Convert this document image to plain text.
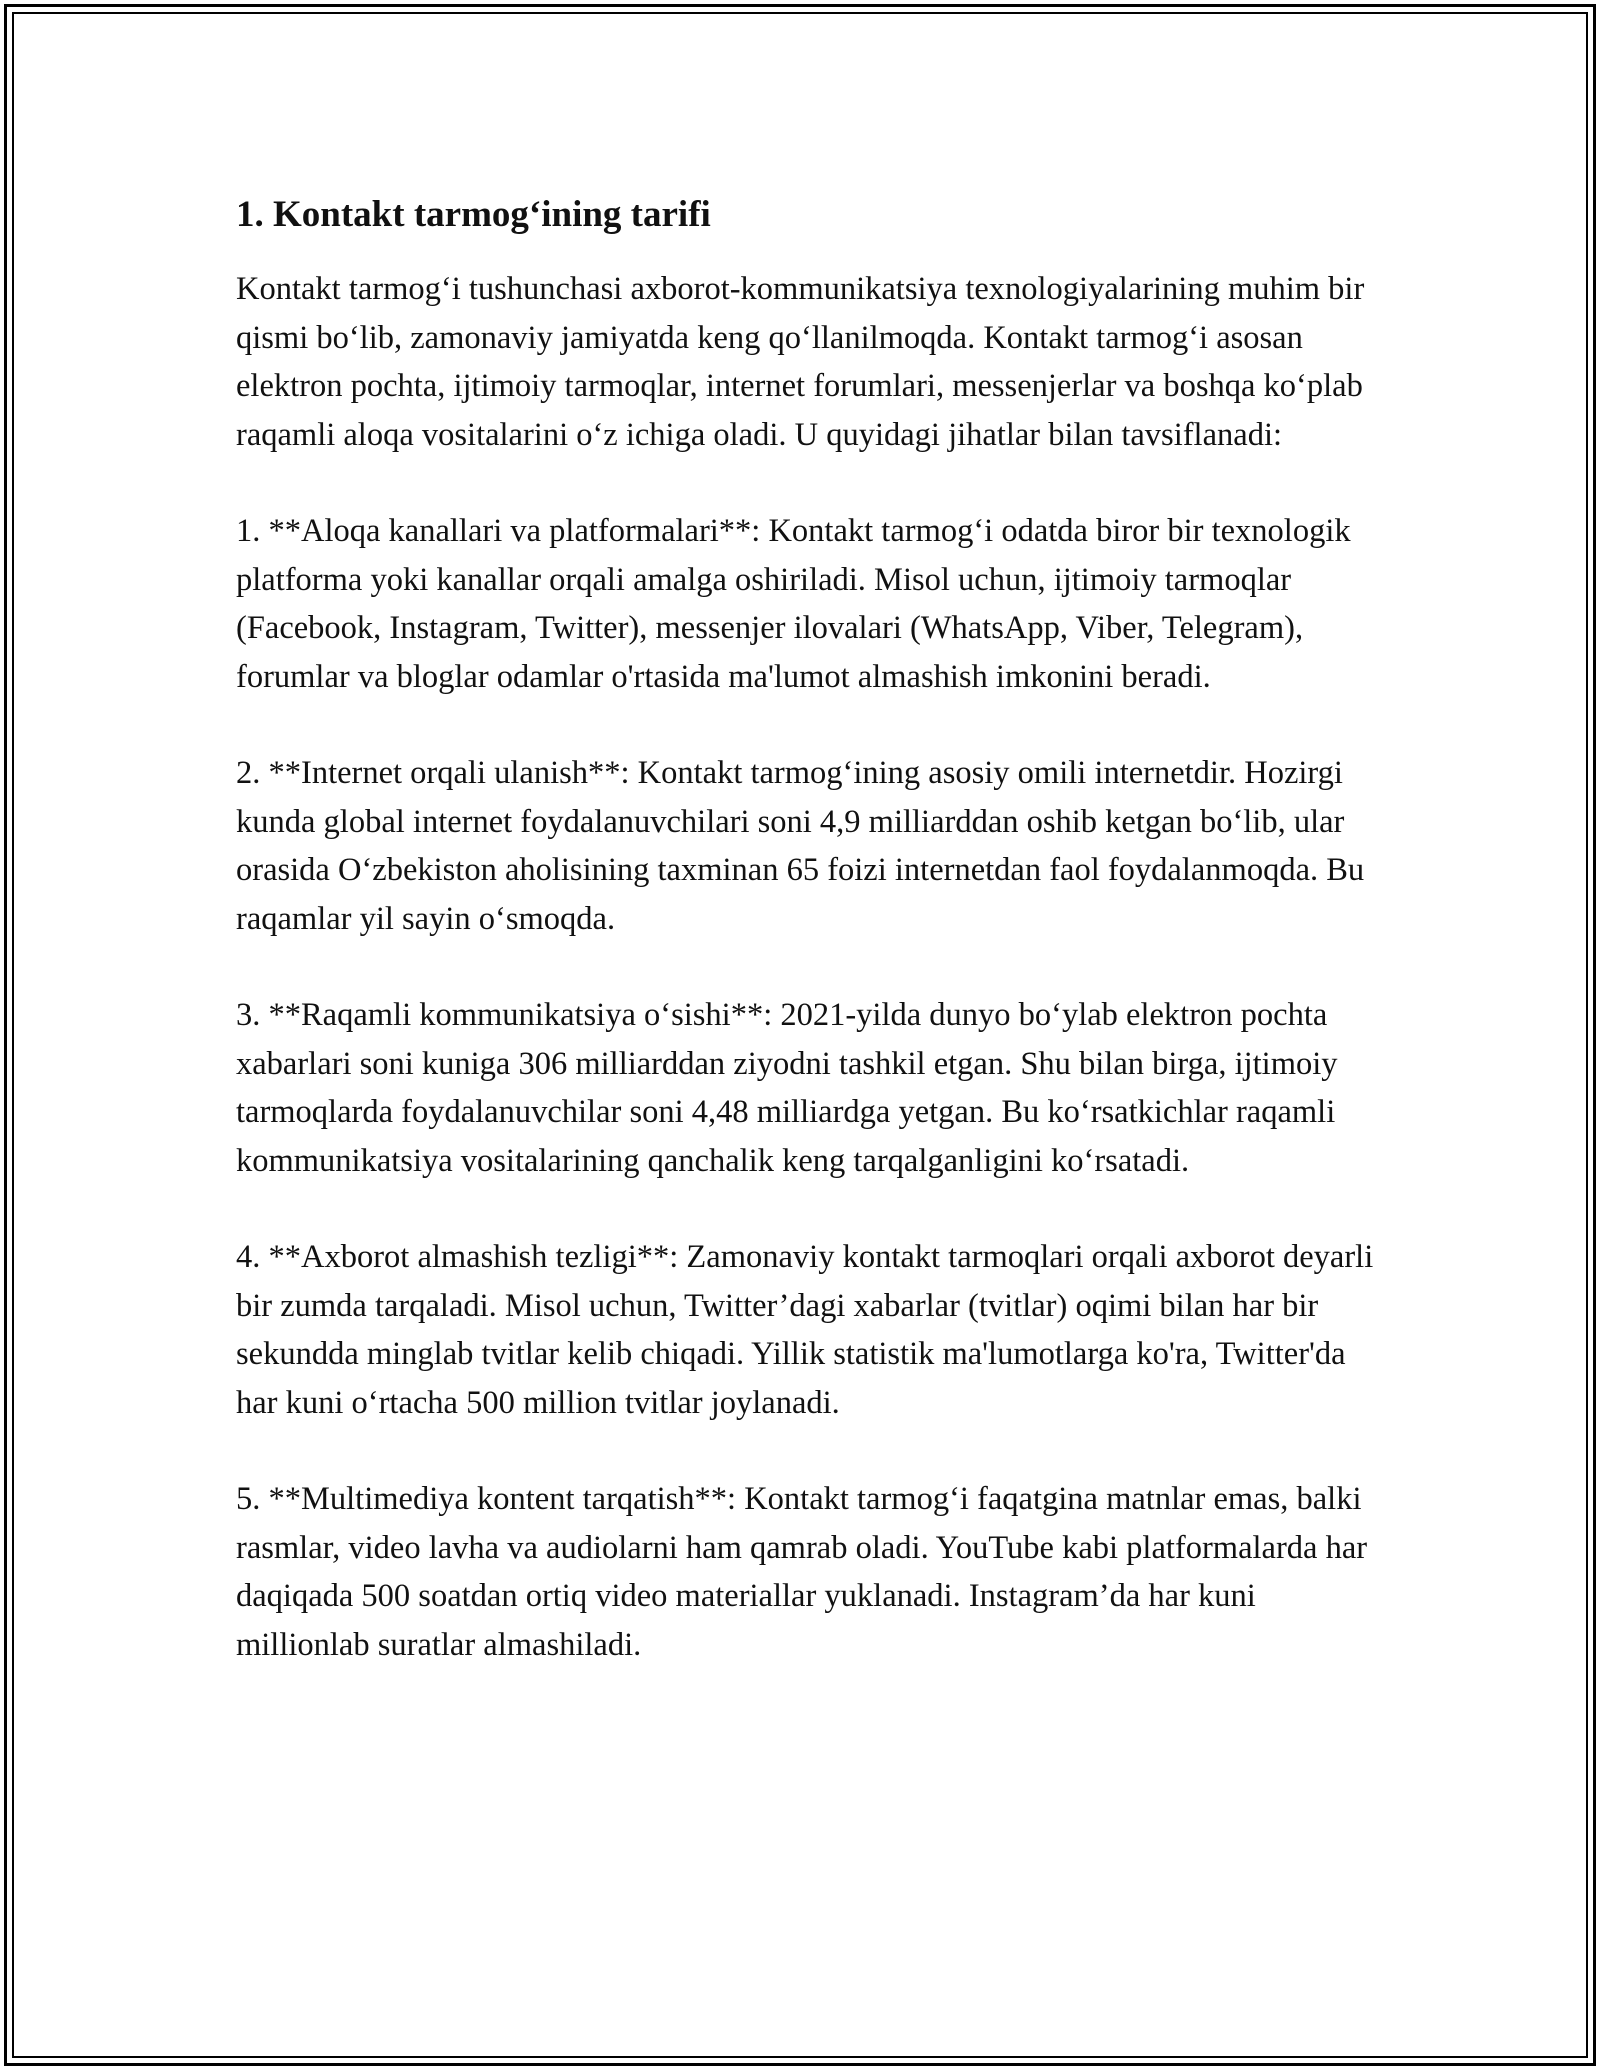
1. Kontakt tarmog‘ining tarifi

Kontakt tarmog‘i tushunchasi axborot-kommunikatsiya texnologiyalarining muhim bir qismi bo‘lib, zamonaviy jamiyatda keng qo‘llanilmoqda. Kontakt tarmog‘i asosan elektron pochta, ijtimoiy tarmoqlar, internet forumlari, messenjerlar va boshqa ko‘plab raqamli aloqa vositalarini o‘z ichiga oladi. U quyidagi jihatlar bilan tavsiflanadi:

1. **Aloqa kanallari va platformalari**: Kontakt tarmog‘i odatda biror bir texnologik platforma yoki kanallar orqali amalga oshiriladi. Misol uchun, ijtimoiy tarmoqlar (Facebook, Instagram, Twitter), messenjer ilovalari (WhatsApp, Viber, Telegram), forumlar va bloglar odamlar o'rtasida ma'lumot almashish imkonini beradi.

2. **Internet orqali ulanish**: Kontakt tarmog‘ining asosiy omili internetdir. Hozirgi kunda global internet foydalanuvchilari soni 4,9 milliarddan oshib ketgan bo‘lib, ular orasida O‘zbekiston aholisining taxminan 65 foizi internetdan faol foydalanmoqda. Bu raqamlar yil sayin o‘smoqda.

3. **Raqamli kommunikatsiya o‘sishi**: 2021-yilda dunyo bo‘ylab elektron pochta xabarlari soni kuniga 306 milliarddan ziyodni tashkil etgan. Shu bilan birga, ijtimoiy tarmoqlarda foydalanuvchilar soni 4,48 milliardga yetgan. Bu ko‘rsatkichlar raqamli kommunikatsiya vositalarining qanchalik keng tarqalganligini ko‘rsatadi.

4. **Axborot almashish tezligi**: Zamonaviy kontakt tarmoqlari orqali axborot deyarli bir zumda tarqaladi. Misol uchun, Twitter’dagi xabarlar (tvitlar) oqimi bilan har bir sekundda minglab tvitlar kelib chiqadi. Yillik statistik ma'lumotlarga ko'ra, Twitter'da har kuni o‘rtacha 500 million tvitlar joylanadi.

5. **Multimediya kontent tarqatish**: Kontakt tarmog‘i faqatgina matnlar emas, balki rasmlar, video lavha va audiolarni ham qamrab oladi. YouTube kabi platformalarda har daqiqada 500 soatdan ortiq video materiallar yuklanadi. Instagram’da har kuni millionlab suratlar almashiladi.
